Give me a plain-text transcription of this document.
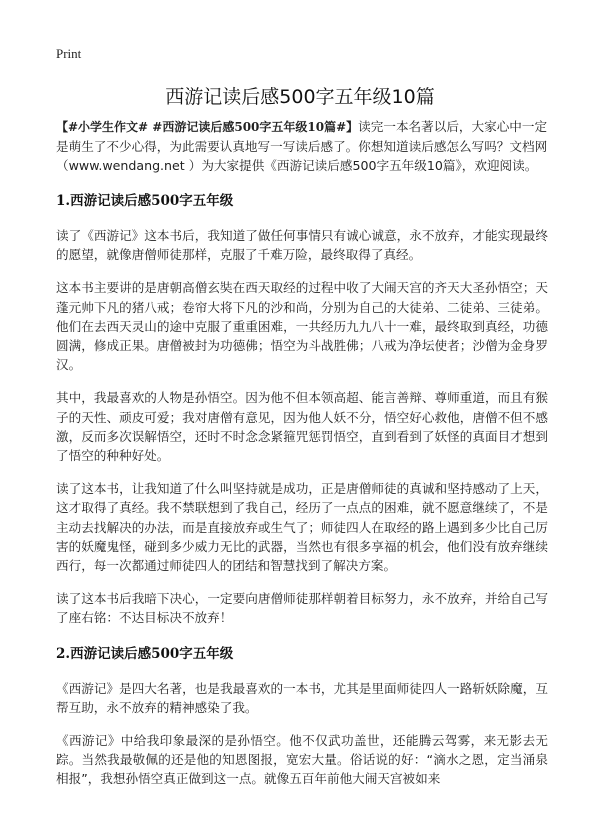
Print
西游记读后感500字五年级10篇

【#小学生作文# #西游记读后感500字五年级10篇#】读完一本名著以后，大家心中一定是萌生了不少心得，为此需要认真地写一写读后感了。你想知道读后感怎么写吗？文档网（www.wendang.net ）为大家提供《西游记读后感500字五年级10篇》，欢迎阅读。

1.西游记读后感500字五年级

读了《西游记》这本书后，我知道了做任何事情只有诚心诚意，永不放弃，才能实现最终的愿望，就像唐僧师徒那样，克服了千难万险，最终取得了真经。

这本书主要讲的是唐朝高僧玄奘在西天取经的过程中收了大闹天宫的齐天大圣孙悟空；天蓬元帅下凡的猪八戒；卷帘大将下凡的沙和尚，分别为自己的大徒弟、二徒弟、三徒弟。他们在去西天灵山的途中克服了重重困难，一共经历九九八十一难，最终取到真经，功德圆满，修成正果。唐僧被封为功德佛；悟空为斗战胜佛；八戒为净坛使者；沙僧为金身罗汉。

其中，我最喜欢的人物是孙悟空。因为他不但本领高超、能言善辩、尊师重道，而且有猴子的天性、顽皮可爱；我对唐僧有意见，因为他人妖不分，悟空好心救他，唐僧不但不感激，反而多次误解悟空，还时不时念念紧箍咒惩罚悟空，直到看到了妖怪的真面目才想到了悟空的种种好处。

读了这本书，让我知道了什么叫坚持就是成功，正是唐僧师徒的真诚和坚持感动了上天，这才取得了真经。我不禁联想到了我自己，经历了一点点的困难，就不愿意继续了，不是主动去找解决的办法，而是直接放弃或生气了；师徒四人在取经的路上遇到多少比自己厉害的妖魔鬼怪，碰到多少威力无比的武器，当然也有很多享福的机会，他们没有放弃继续西行，每一次都通过师徒四人的团结和智慧找到了解决方案。

读了这本书后我暗下决心，一定要向唐僧师徒那样朝着目标努力，永不放弃，并给自己写了座右铭：不达目标决不放弃！

2.西游记读后感500字五年级

《西游记》是四大名著，也是我最喜欢的一本书，尤其是里面师徒四人一路斩妖除魔，互帮互助，永不放弃的精神感染了我。

《西游记》中给我印象最深的是孙悟空。他不仅武功盖世，还能腾云驾雾，来无影去无踪。当然我最敬佩的还是他的知恩图报，宽宏大量。俗话说的好：“滴水之恩，定当涌泉相报”，我想孙悟空真正做到这一点。就像五百年前他大闹天宫被如来
